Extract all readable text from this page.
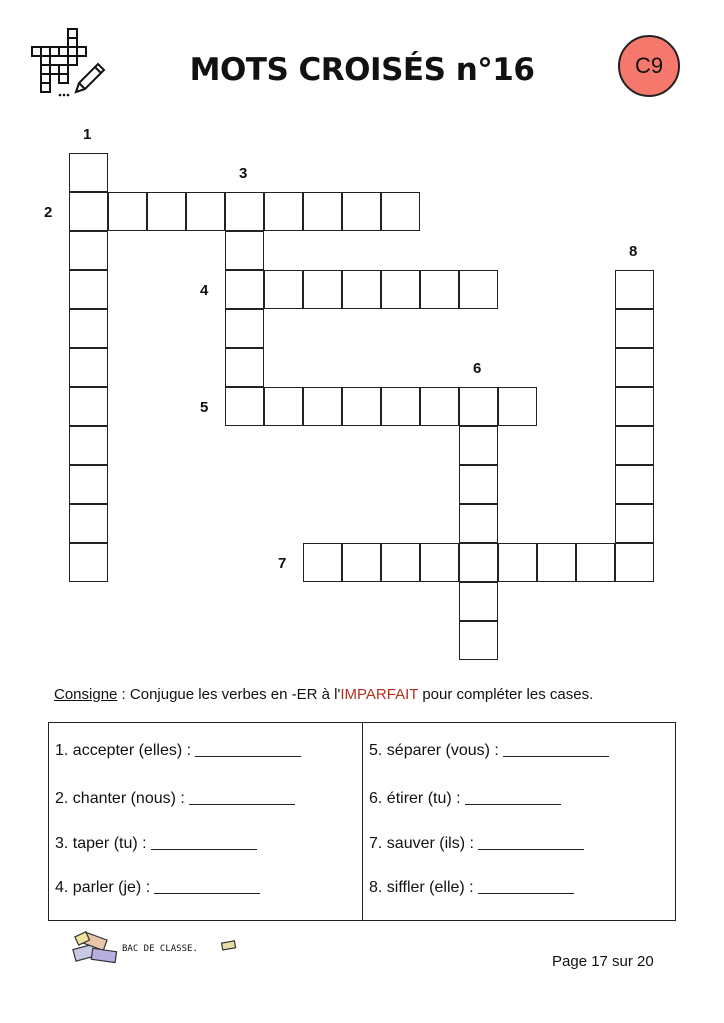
MOTS CROISÉS n°16	C9
1
2
3
4
5
6
7
8
Consigne : Conjugue les verbes en -ER à l'IMPARFAIT pour compléter les cases.
1. accepter (elles) :
2. chanter (nous) :
3. taper (tu) :
4. parler (je) :
5. séparer (vous) :
6. étirer (tu) :
7. sauver (ils) :
8. siffler (elle) :
BAC DE CLASSE.
Page 17 sur 20
